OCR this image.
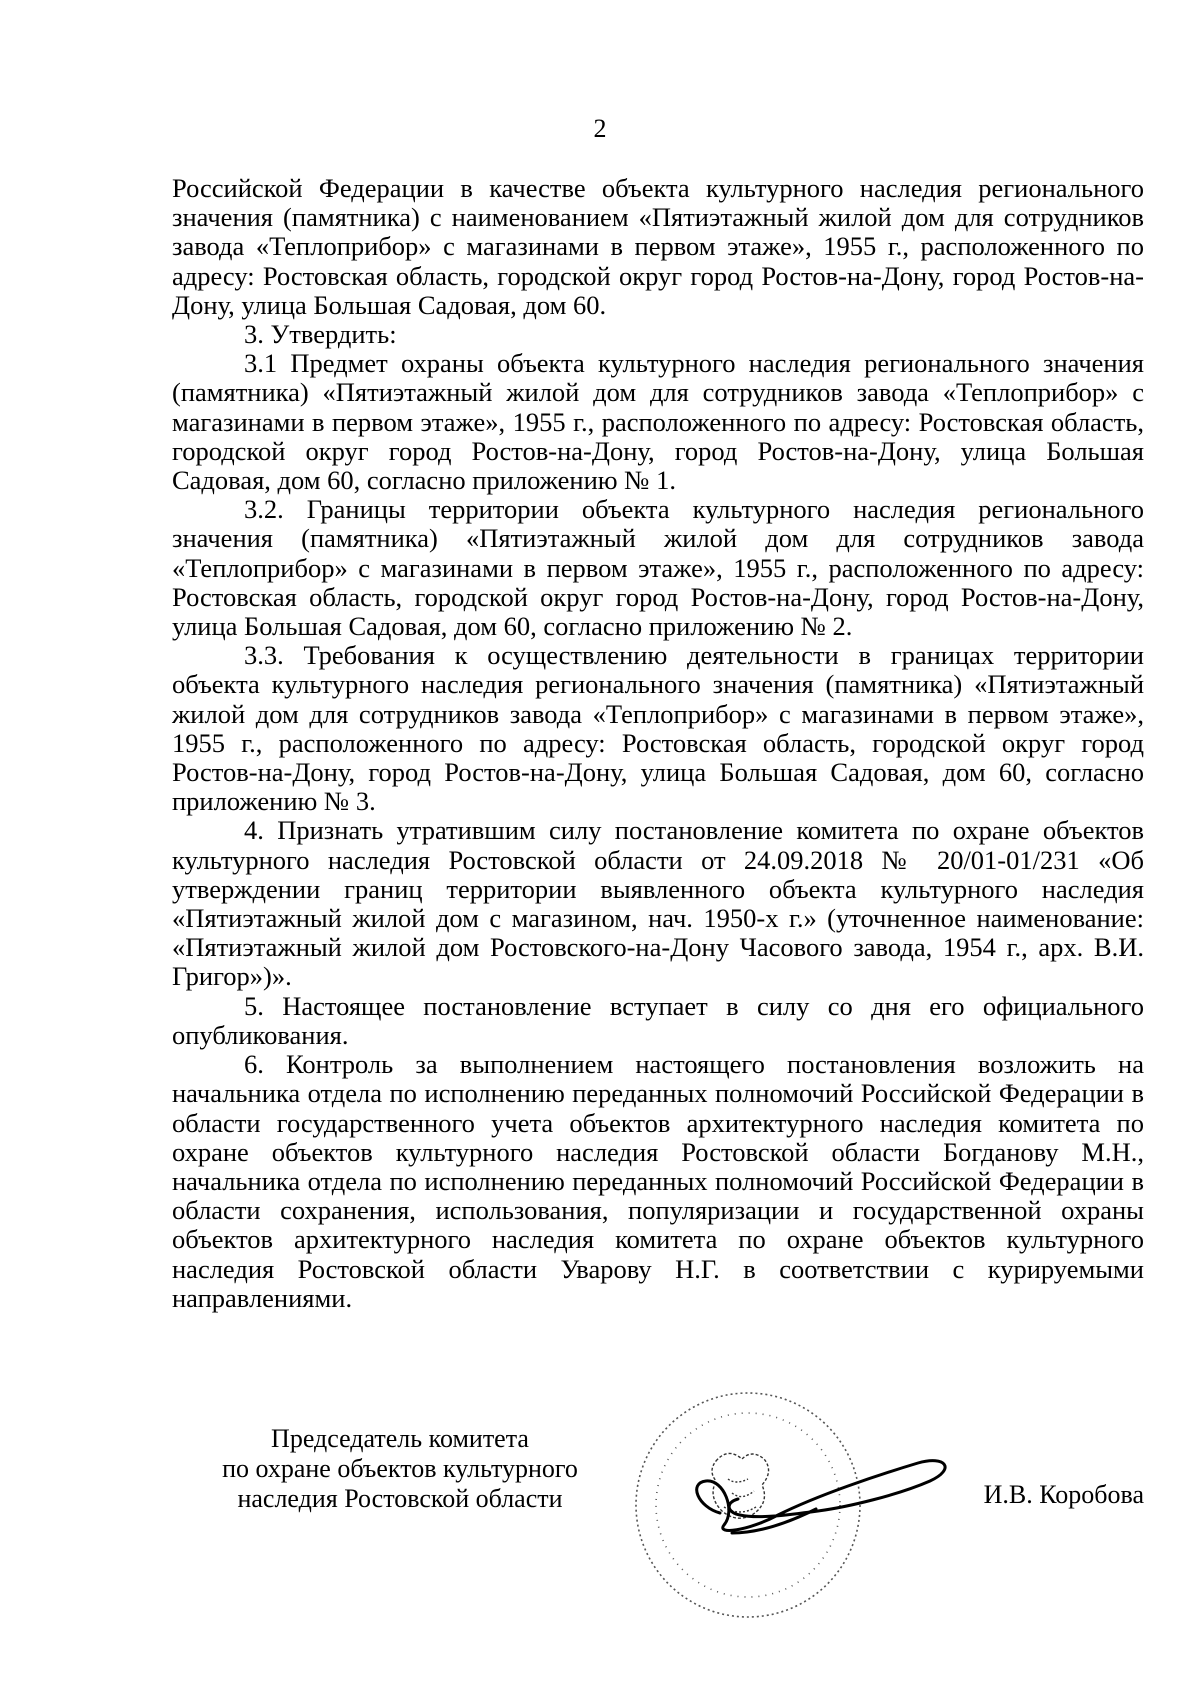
2

Российской Федерации в качестве объекта культурного наследия регионального значения (памятника) с наименованием «Пятиэтажный жилой дом для сотрудников завода «Теплоприбор» с магазинами в первом этаже», 1955 г., расположенного по адресу: Ростовская область, городской округ город Ростов-на-Дону, город Ростов-на-Дону, улица Большая Садовая, дом 60.

3. Утвердить:

3.1 Предмет охраны объекта культурного наследия регионального значения (памятника) «Пятиэтажный жилой дом для сотрудников завода «Теплоприбор» с магазинами в первом этаже», 1955 г., расположенного по адресу: Ростовская область, городской округ город Ростов-на-Дону, город Ростов-на-Дону, улица Большая Садовая, дом 60, согласно приложению № 1.

3.2. Границы территории объекта культурного наследия регионального значения (памятника) «Пятиэтажный жилой дом для сотрудников завода «Теплоприбор» с магазинами в первом этаже», 1955 г., расположенного по адресу: Ростовская область, городской округ город Ростов-на-Дону, город Ростов-на-Дону, улица Большая Садовая, дом 60, согласно приложению № 2.

3.3. Требования к осуществлению деятельности в границах территории объекта культурного наследия регионального значения (памятника) «Пятиэтажный жилой дом для сотрудников завода «Теплоприбор» с магазинами в первом этаже», 1955 г., расположенного по адресу: Ростовская область, городской округ город Ростов-на-Дону, город Ростов-на-Дону, улица Большая Садовая, дом 60, согласно приложению № 3.

4. Признать утратившим силу постановление комитета по охране объектов культурного наследия Ростовской области от 24.09.2018 № 20/01-01/231 «Об утверждении границ территории выявленного объекта культурного наследия «Пятиэтажный жилой дом с магазином, нач. 1950-х г.» (уточненное наименование: «Пятиэтажный жилой дом Ростовского-на-Дону Часового завода, 1954 г., арх. В.И. Григор»)».

5. Настоящее постановление вступает в силу со дня его официального опубликования.

6. Контроль за выполнением настоящего постановления возложить на начальника отдела по исполнению переданных полномочий Российской Федерации в области государственного учета объектов архитектурного наследия комитета по охране объектов культурного наследия Ростовской области Богданову М.Н., начальника отдела по исполнению переданных полномочий Российской Федерации в области сохранения, использования, популяризации и государственной охраны объектов архитектурного наследия комитета по охране объектов культурного наследия Ростовской области Уварову Н.Г. в соответствии с курируемыми направлениями.

Председатель комитета
по охране объектов культурного
наследия Ростовской области	И.В. Коробова
